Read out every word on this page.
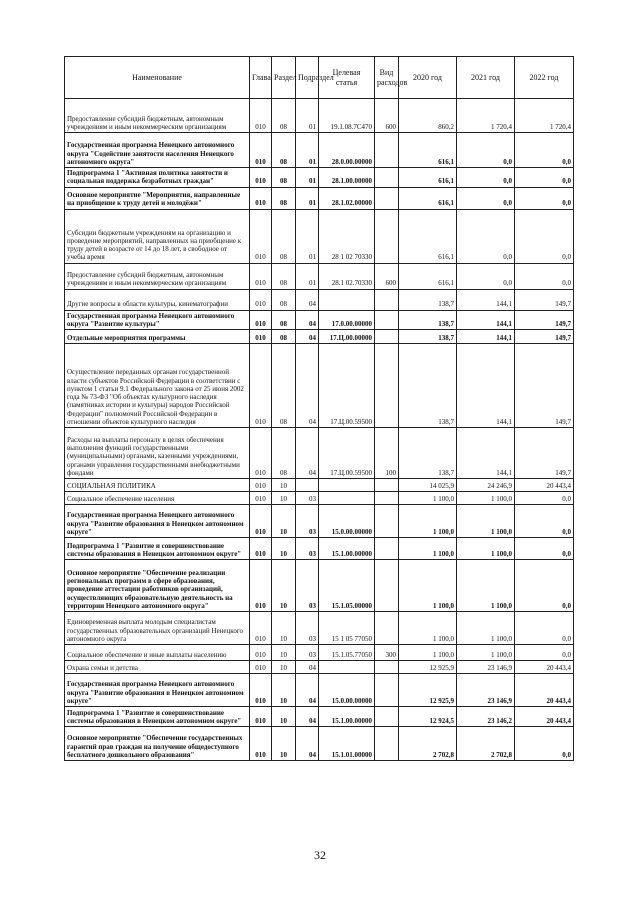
Наименование	Глава	Раздел	Подраздел	Целевая статья	Вид расходов	2020 год	2021 год	2022 год
Предоставление субсидий бюджетным, автономным учреждениям и иным некоммерческим организациям	010	08	01	19.1.08.7C470	600	860,2	1 720,4	1 720,4
Государственная программа Ненецкого автономного округа "Содействие занятости населения Ненецкого автономного округа"	010	08	01	28.0.00.00000		616,1	0,0	0,0
Подпрограмма 1 "Активная политика занятости и социальная поддержка безработных граждан"	010	08	01	28.1.00.00000		616,1	0,0	0,0
Основное мероприятие "Мероприятия, направленные на приобщение к труду детей и молодёжи"	010	08	01	28.1.02.00000		616,1	0,0	0,0
Субсидии бюджетным учреждениям на организацию и проведение мероприятий, направленных на приобщение к труду детей в возрасте от 14 до 18 лет, в свободное от учебы время	010	08	01	28 1 02 70330		616,1	0,0	0,0
Предоставление субсидий бюджетным, автономным учреждениям и иным некоммерческим организациям	010	08	01	28.1 02.70330	600	616,1	0,0	0,0
Другие вопросы в области культуры, кинематографии	010	08	04			138,7	144,1	149,7
Государственная программа Ненецкого автономного округа "Развитие культуры"	010	08	04	17.0.00.00000		138,7	144,1	149,7
Отдельные мероприятия программы	010	08	04	17.Ц.00.00000		138,7	144,1	149,7
Осуществление переданных органам государственной власти субъектов Российской Федерации в соответствии с пунктом 1 статьи 9.1 Федерального закона от 25 июня 2002 года № 73-ФЗ "Об объектах культурного наследия (памятниках истории и культуры) народов Российской Федерации" полномочий Российской Федерации в отношении объектов культурного наследия	010	08	04	17.Ц.00.59500		138,7	144,1	149,7
Расходы на выплаты персоналу в целях обеспечения выполнения функций государственными (муниципальными) органами, казенными учреждениями, органами управления государственными внебюджетными фондами	010	08	04	17.Ц.00.59500	100	138,7	144,1	149,7
СОЦИАЛЬНАЯ ПОЛИТИКА	010	10				14 025,9	24 246,9	20 443,4
Социальное обеспечение населения	010	10	03			1 100,0	1 100,0	0,0
Государственная программа Ненецкого автономного округа "Развитие образования в Ненецком автономном округе"	010	10	03	15.0.00.00000		1 100,0	1 100,0	0,0
Подпрограмма 1 "Развитие и совершенствование системы образования в Ненецком автономном округе"	010	10	03	15.1.00.00000		1 100,0	1 100,0	0,0
Основное мероприятие "Обеспечение реализации региональных программ в сфере образования, проведение аттестации работников организаций, осуществляющих образовательную деятельность на территории Ненецкого автономного округа"	010	10	03	15.1.05.00000		1 100,0	1 100,0	0,0
Единовременная выплата молодым специалистам государственных образовательных организаций Ненецкого автономного округа	010	10	03	15 1 05 77050		1 100,0	1 100,0	0,0
Социальное обеспечение и иные выплаты населению	010	10	03	15.1.05.77050	300	1 100,0	1 100,0	0,0
Охрана семьи и детства	010	10	04			12 925,9	23 146,9	20 443,4
Государственная программа Ненецкого автономного округа "Развитие образования в Ненецком автономном округе"	010	10	04	15.0.00.00000		12 925,9	23 146,9	20 443,4
Подпрограмма 1 "Развитие и совершенствование системы образования в Ненецком автономном округе"	010	10	04	15.1.00.00000		12 924,5	23 146,2	20 443,4
Основное мероприятие "Обеспечение государственных гарантий прав граждан на получение общедоступного бесплатного дошкольного образования"	010	10	04	15.1.01.00000		2 702,8	2 702,8	0,0
32
